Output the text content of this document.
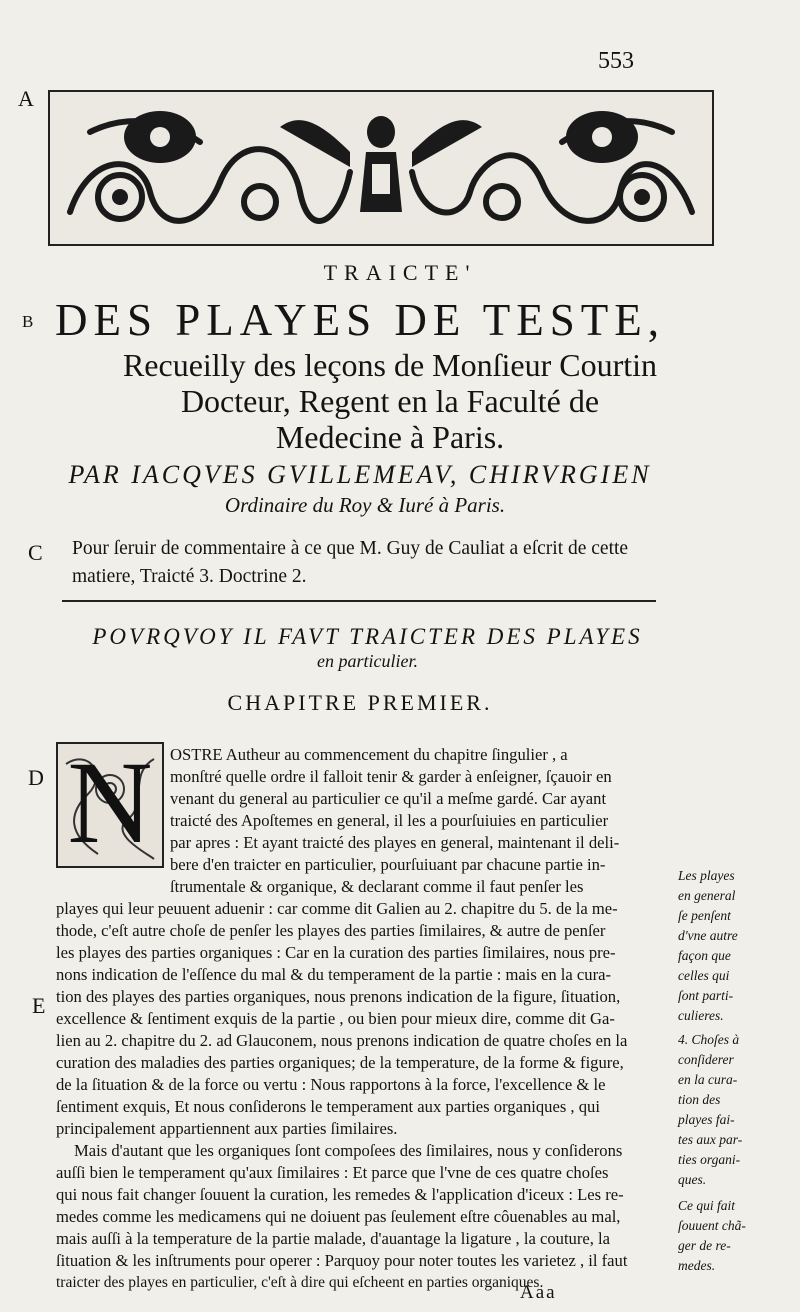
553
A
B
C
D
E
TRAICTE'
DES PLAYES DE TESTE,
Recueilly des leçons de Monſieur Courtin
Docteur, Regent en la Faculté de
Medecine à Paris.
PAR IACQVES GVILLEMEAV, CHIRVRGIEN
Ordinaire du Roy & Iuré à Paris.
Pour ſeruir de commentaire à ce que M. Guy de Cauliat a eſcrit de cette
matiere, Traicté 3. Doctrine 2.
POVRQVOY IL FAVT TRAICTER DES PLAYES
en particulier.
CHAPITRE PREMIER.
N	OSTRE Autheur au commencement du chapitre ſingulier , a
monſtré quelle ordre il falloit tenir & garder à enſeigner, ſçauoir en
venant du general au particulier ce qu'il a meſme gardé. Car ayant
traicté des Apoſtemes en general, il les a pourſuiuies en particulier
par apres : Et ayant traicté des playes en general, maintenant il deli-
bere d'en traicter en particulier, pourſuiuant par chacune partie in-
ſtrumentale & organique, & declarant comme il faut penſer les
playes qui leur peuuent aduenir : car comme dit Galien au 2. chapitre du 5. de la me-
thode, c'eſt autre choſe de penſer les playes des parties ſimilaires, & autre de penſer
les playes des parties organiques : Car en la curation des parties ſimilaires, nous pre-
nons indication de l'eſſence du mal & du temperament de la partie : mais en la cura-
tion des playes des parties organiques, nous prenons indication de la figure, ſituation,
excellence & ſentiment exquis de la partie , ou bien pour mieux dire, comme dit Ga-
lien au 2. chapitre du 2. ad Glauconem, nous prenons indication de quatre choſes en la
curation des maladies des parties organiques; de la temperature, de la forme & figure,
de la ſituation & de la force ou vertu : Nous rapportons à la force, l'excellence & le
ſentiment exquis, Et nous conſiderons le temperament aux parties organiques , qui
principalement appartiennent aux parties ſimilaires.
Mais d'autant que les organiques ſont compoſees des ſimilaires, nous y conſiderons
auſſi bien le temperament qu'aux ſimilaires : Et parce que l'vne de ces quatre choſes
qui nous fait changer ſouuent la curation, les remedes & l'application d'iceux : Les re-
medes comme les medicamens qui ne doiuent pas ſeulement eſtre côuenables au mal,
mais auſſi à la temperature de la partie malade, d'auantage la ligature , la couture, la
ſituation & les inſtruments pour operer : Parquoy pour noter toutes les varietez , il faut
traicter des playes en particulier, c'eſt à dire qui eſcheent en parties organiques.
Les playes
en general
ſe penſent
d'vne autre
façon que
celles qui
ſont parti-
culieres.
4. Choſes à
conſiderer
en la cura-
tion des
playes fai-
tes aux par-
ties organi-
ques.
Ce qui fait
ſouuent chã-
ger de re-
medes.
Aaa
